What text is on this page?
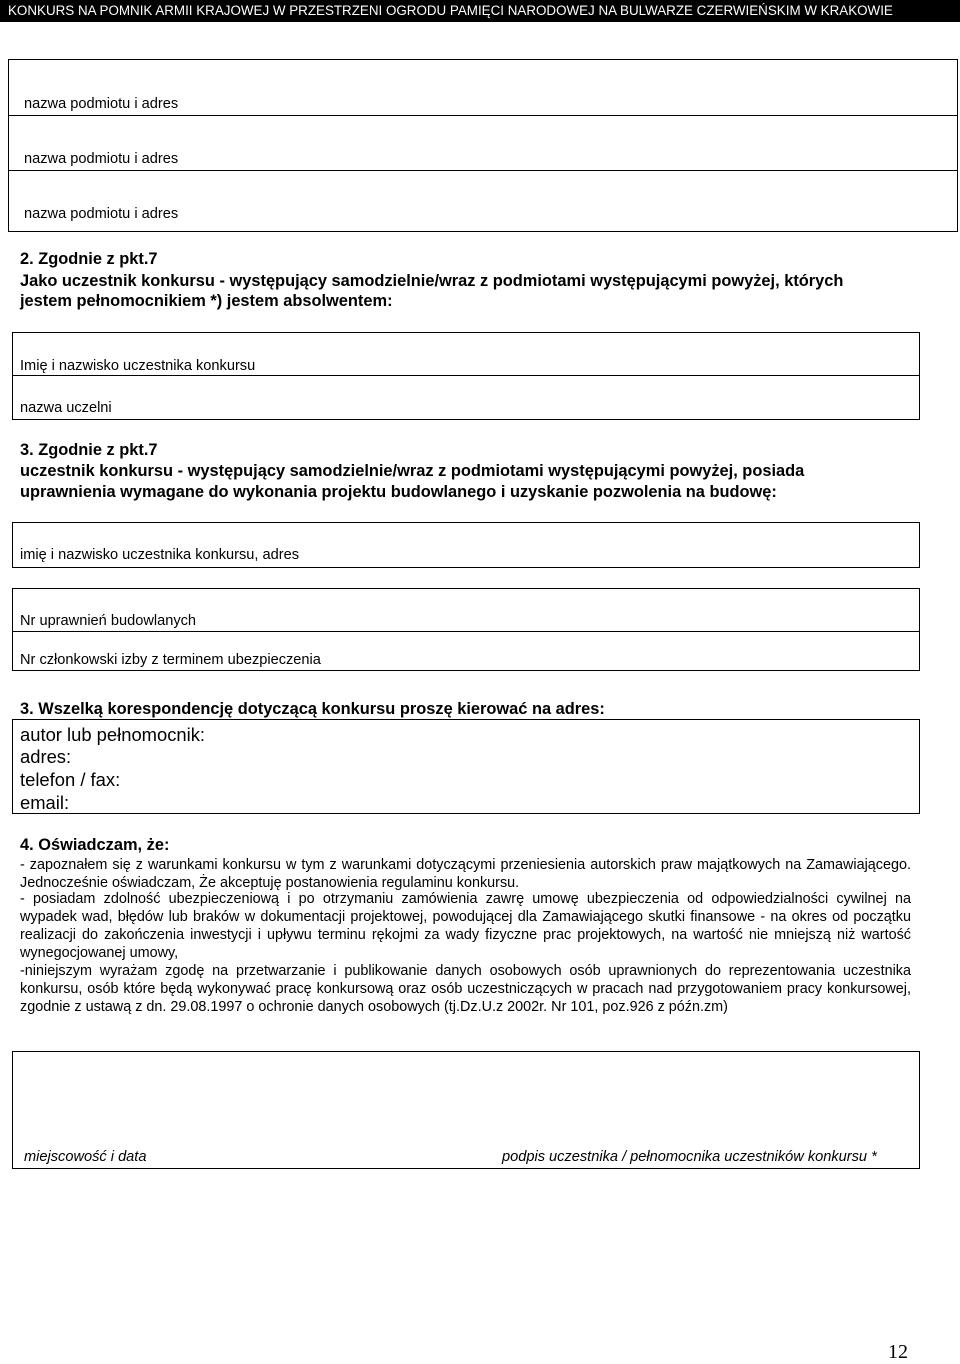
KONKURS NA POMNIK ARMII KRAJOWEJ W PRZESTRZENI OGRODU PAMIĘCI NARODOWEJ NA BULWARZE CZERWIEŃSKIM W KRAKOWIE
nazwa podmiotu i adres
nazwa podmiotu i adres
nazwa podmiotu i adres
2. Zgodnie z pkt.7
Jako uczestnik konkursu - występujący samodzielnie/wraz z podmiotami występującymi powyżej, których
jestem pełnomocnikiem *) jestem absolwentem:
Imię i nazwisko uczestnika konkursu
nazwa uczelni
3. Zgodnie z pkt.7
uczestnik konkursu - występujący samodzielnie/wraz z podmiotami występującymi powyżej, posiada
uprawnienia wymagane do wykonania projektu budowlanego i uzyskanie pozwolenia na budowę:
imię i nazwisko uczestnika konkursu, adres
Nr uprawnień budowlanych
Nr członkowski izby z terminem ubezpieczenia
3. Wszelką korespondencję dotyczącą konkursu proszę kierować na adres:
autor lub pełnomocnik:
adres:
telefon / fax:
email:
4. Oświadczam, że:
- zapoznałem się z warunkami konkursu w tym z warunkami dotyczącymi przeniesienia autorskich praw majątkowych na Zamawiającego. Jednocześnie oświadczam, Że akceptuję postanowienia regulaminu konkursu.
- posiadam zdolność ubezpieczeniową i po otrzymaniu zamówienia zawrę umowę ubezpieczenia od odpowiedzialności cywilnej na wypadek wad, błędów lub braków w dokumentacji projektowej, powodującej dla Zamawiającego skutki finansowe - na okres od początku realizacji do zakończenia inwestycji i upływu terminu rękojmi za wady fizyczne prac projektowych, na wartość nie mniejszą niż wartość wynegocjowanej umowy,
-niniejszym wyrażam zgodę na przetwarzanie i publikowanie danych osobowych osób uprawnionych do reprezentowania uczestnika konkursu, osób które będą wykonywać pracę konkursową oraz osób uczestniczących w pracach nad przygotowaniem pracy konkursowej, zgodnie z ustawą z dn. 29.08.1997 o ochronie danych osobowych (tj.Dz.U.z 2002r. Nr 101, poz.926 z późn.zm)
miejscowość i data	podpis uczestnika / pełnomocnika uczestników konkursu *
12
